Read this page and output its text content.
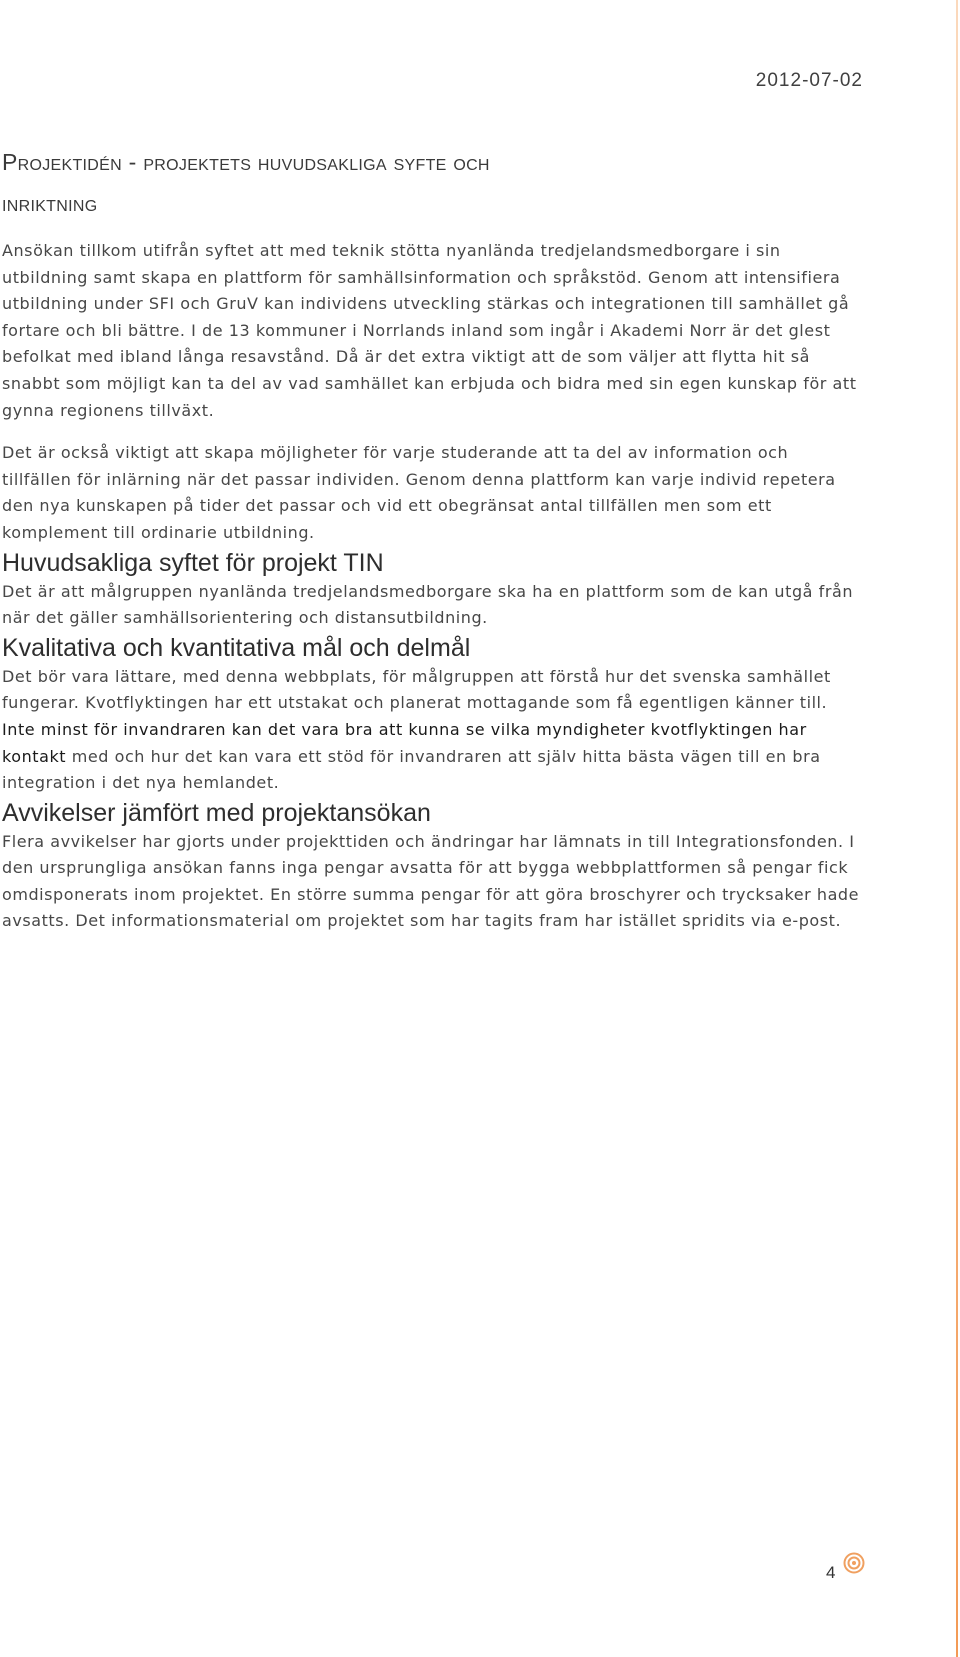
2012-07-02
Projektidén - projektets huvudsakliga syfte och
inriktning

Ansökan tillkom utifrån syftet att med teknik stötta nyanlända tredjelandsmedborgare i sin utbildning samt skapa en plattform för samhällsinformation och språkstöd. Genom att intensifiera utbildning under SFI och GruV kan individens utveckling stärkas och integrationen till samhället gå fortare och bli bättre. I de 13 kommuner i Norrlands inland som ingår i Akademi Norr är det glest befolkat med ibland långa resavstånd. Då är det extra viktigt att de som väljer att flytta hit så snabbt som möjligt kan ta del av vad samhället kan erbjuda och bidra med sin egen kunskap för att gynna regionens tillväxt.

Det är också viktigt att skapa möjligheter för varje studerande att ta del av information och tillfällen för inlärning när det passar individen. Genom denna plattform kan varje individ repetera den nya kunskapen på tider det passar och vid ett obegränsat antal tillfällen men som ett komplement till ordinarie utbildning.

Huvudsakliga syftet för projekt TIN

Det är att målgruppen nyanlända tredjelandsmedborgare ska ha en plattform som de kan utgå från när det gäller samhällsorientering och distansutbildning.

Kvalitativa och kvantitativa mål och delmål

Det bör vara lättare, med denna webbplats, för målgruppen att förstå hur det svenska samhället fungerar. Kvotflyktingen har ett utstakat och planerat mottagande som få egentligen känner till. Inte minst för invandraren kan det vara bra att kunna se vilka myndigheter kvotflyktingen har kontakt med och hur det kan vara ett stöd för invandraren att själv hitta bästa vägen till en bra integration i det nya hemlandet.

Avvikelser jämfört med projektansökan

Flera avvikelser har gjorts under projekttiden och ändringar har lämnats in till Integrationsfonden. I den ursprungliga ansökan fanns inga pengar avsatta för att bygga webbplattformen så pengar fick omdisponerats inom projektet. En större summa pengar för att göra broschyrer och trycksaker hade avsatts. Det informationsmaterial om projektet som har tagits fram har istället spridits via e-post.

4
